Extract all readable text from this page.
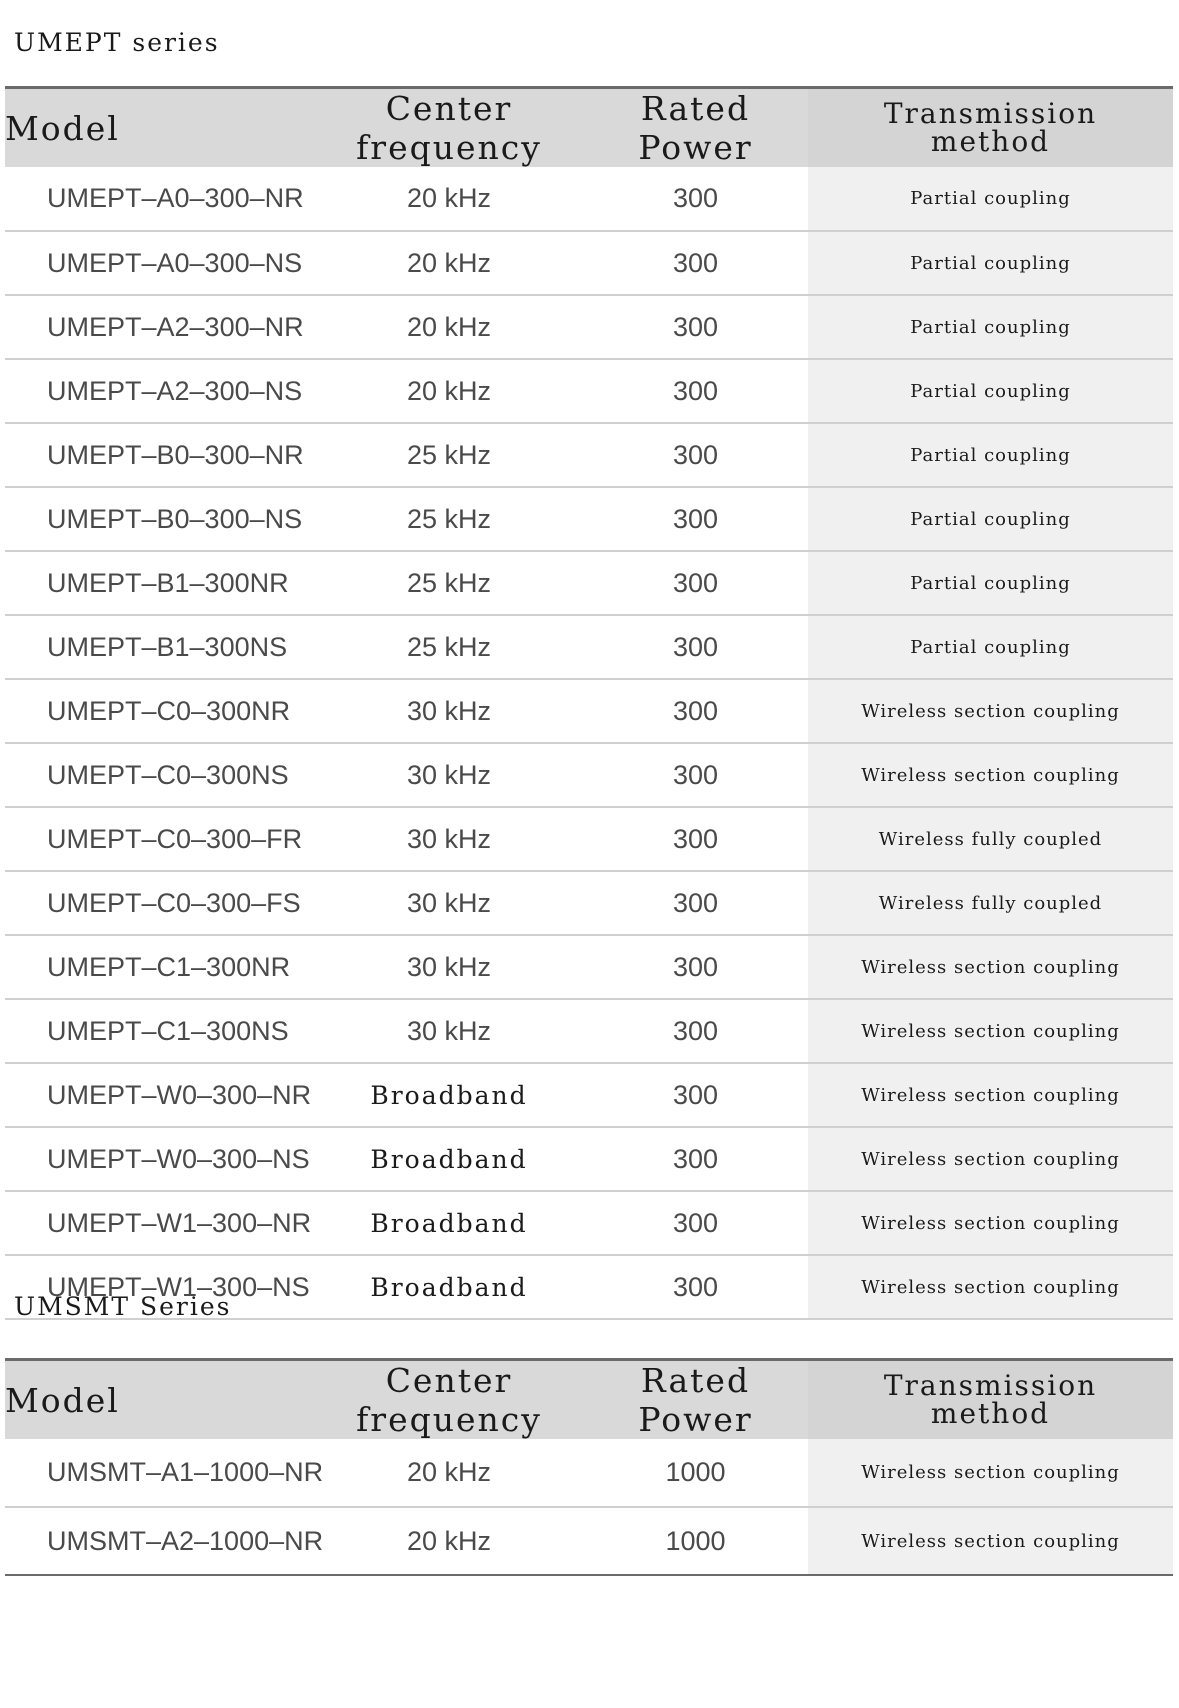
UMEPT series
Model	Center frequency	Rated Power	Transmission
method
UMEPT–A0–300–NR	20 kHz	300	Partial coupling
UMEPT–A0–300–NS	20 kHz	300	Partial coupling
UMEPT–A2–300–NR	20 kHz	300	Partial coupling
UMEPT–A2–300–NS	20 kHz	300	Partial coupling
UMEPT–B0–300–NR	25 kHz	300	Partial coupling
UMEPT–B0–300–NS	25 kHz	300	Partial coupling
UMEPT–B1–300NR	25 kHz	300	Partial coupling
UMEPT–B1–300NS	25 kHz	300	Partial coupling
UMEPT–C0–300NR	30 kHz	300	Wireless section coupling
UMEPT–C0–300NS	30 kHz	300	Wireless section coupling
UMEPT–C0–300–FR	30 kHz	300	Wireless fully coupled
UMEPT–C0–300–FS	30 kHz	300	Wireless fully coupled
UMEPT–C1–300NR	30 kHz	300	Wireless section coupling
UMEPT–C1–300NS	30 kHz	300	Wireless section coupling
UMEPT–W0–300–NR	Broadband	300	Wireless section coupling
UMEPT–W0–300–NS	Broadband	300	Wireless section coupling
UMEPT–W1–300–NR	Broadband	300	Wireless section coupling
UMEPT–W1–300–NS	Broadband	300	Wireless section coupling
UMSMT Series
Model	Center frequency	Rated Power	Transmission
method
UMSMT–A1–1000–NR	20 kHz	1000	Wireless section coupling
UMSMT–A2–1000–NR	20 kHz	1000	Wireless section coupling
